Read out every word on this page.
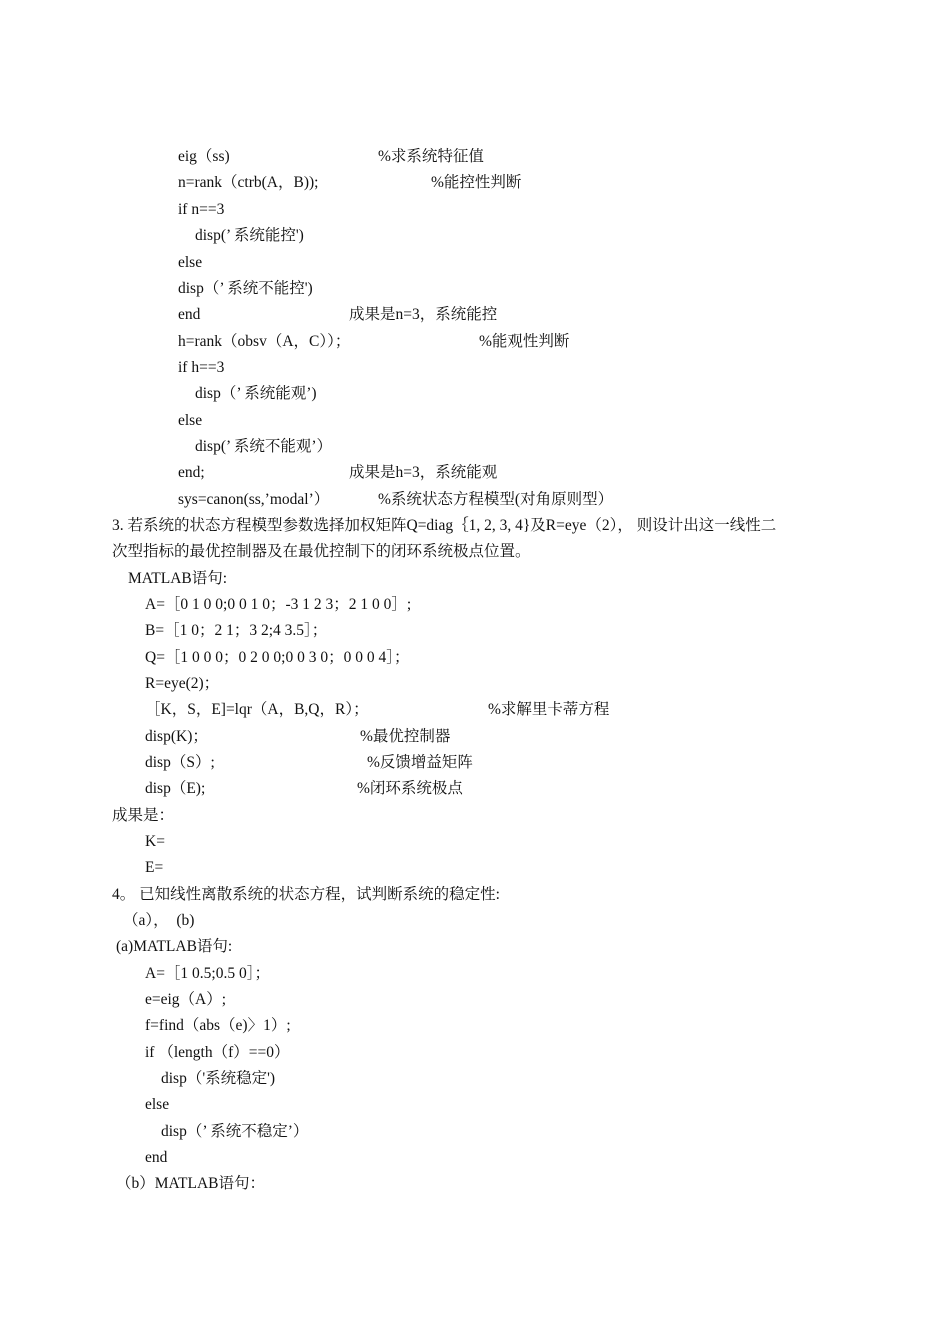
eig（ss)	%求系统特征值
n=rank（ctrb(A，B));	%能控性判断
if n==3
disp(’ 系统能控')
else
disp（’ 系统不能控')
end	成果是n=3，系统能控
h=rank（obsv（A，C））；	%能观性判断
if h==3
disp（’ 系统能观’)
else
disp(’ 系统不能观’）
end;	成果是h=3，系统能观
sys=canon(ss,’modal’）	%系统状态方程模型(对角原则型）
3. 若系统的状态方程模型参数选择加权矩阵Q=diag｛1, 2, 3, 4}及R=eye（2）， 则设计出这一线性二
次型指标的最优控制器及在最优控制下的闭环系统极点位置。
MATLAB语句:
A=［0 1 0 0;0 0 1 0；-3 1 2 3；2 1 0 0］;
B=［1 0；2 1；3 2;4 3.5］；
Q=［1 0 0 0；0 2 0 0;0 0 3 0；0 0 0 4］；
R=eye(2)；
［K，S，E]=lqr（A，B,Q，R）；	%求解里卡蒂方程
disp(K)；	%最优控制器
disp（S）;	%反馈增益矩阵
disp（E);	%闭环系统极点
成果是：
K=
E=
4。 已知线性离散系统的状态方程，试判断系统的稳定性:
（a），  (b)
(a)MATLAB语句:
A=［1 0.5;0.5 0］；
e=eig（A）;
f=find（abs（e)〉1）;
if （length（f）==0）
disp（'系统稳定')
else
disp（’ 系统不稳定’）
end
（b）MATLAB语句：
